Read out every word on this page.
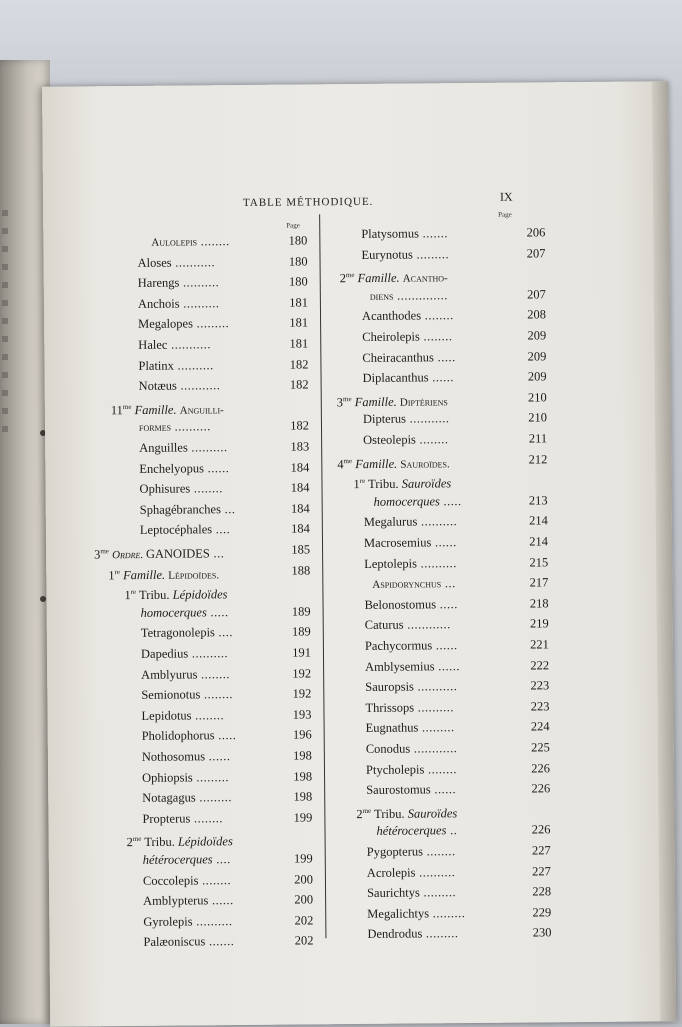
TABLE MÉTHODIQUE.	IX
Page
Page
Aulolepis ........	180
Aloses ...........	180
Harengs ..........	180
Anchois ..........	181
Megalopes .........	181
Halec ...........	181
Platinx ..........	182
Notæus ...........	182
$11^{me}$ Famille. Anguilli-
formes ..........	182
Anguilles ..........	183
Enchelyopus ......	184
Ophisures ........	184
Sphagébranches ...	184
Leptocéphales ....	184
$3^{me}$ Ordre. GANOIDES ...	185
1re Famille. Lépidoïdes.	188
1re Tribu. Lépidoïdes
homocerques .....	189
Tetragonolepis ....	189
Dapedius ..........	191
Amblyurus ........	192
Semionotus ........	192
Lepidotus ........	193
Pholidophorus .....	196
Nothosomus ......	198
Ophiopsis .........	198
Notagagus .........	198
Propterus ........	199
$2^{me}$ Tribu. Lépidoïdes
hétérocerques ....	199
Coccolepis ........	200
Amblypterus ......	200
Gyrolepis ..........	202
Palæoniscus .......	202
Platysomus .......	206
Eurynotus .........	207
$2^{me}$ Famille. Acantho-
diens ..............	207
Acanthodes ........	208
Cheirolepis ........	209
Cheiracanthus .....	209
Diplacanthus ......	209
$3^{me}$ Famille. Diptériens	210
Dipterus ...........	210
Osteolepis ........	211
$4^{me}$ Famille. Sauroïdes.	212
1re Tribu. Sauroïdes
homocerques .....	213
Megalurus ..........	214
Macrosemius ......	214
Leptolepis ..........	215
Aspidorynchus ...	217
Belonostomus .....	218
Caturus ............	219
Pachycormus ......	221
Amblysemius ......	222
Sauropsis ...........	223
Thrissops ..........	223
Eugnathus .........	224
Conodus ............	225
Ptycholepis ........	226
Saurostomus ......	226
$2^{me}$ Tribu. Sauroïdes
hétérocerques ..	226
Pygopterus ........	227
Acrolepis ..........	227
Saurichtys .........	228
Megalichtys .........	229
Dendrodus .........	230
